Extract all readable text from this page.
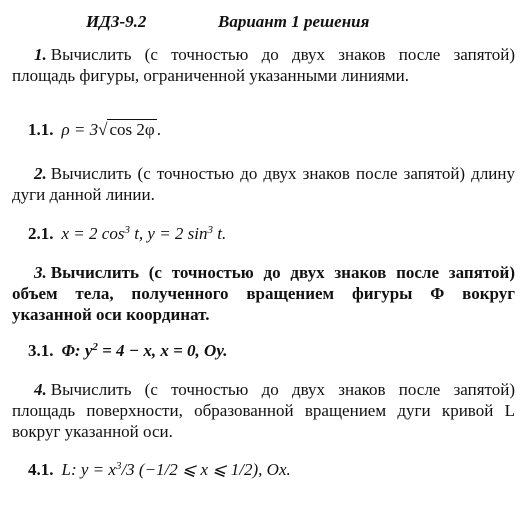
ИДЗ-9.2	Вариант 1 решения
1. Вычислить (с точностью до двух знаков после запятой) площадь фигуры, ограниченной указанными линиями.
1.1. ρ = 3√ cos 2φ .
2. Вычислить (с точностью до двух знаков после запятой) длину дуги данной линии.
2.1. x = 2 $\cos^3 t$, y = 2 $\sin^3 t$.
3. Вычислить (с точностью до двух знаков после запятой) объем тела, полученного вращением фигуры Φ вокруг указанной оси координат.
3.1. Φ: $y^2 = 4 - x$, x = 0, Oy.
4. Вычислить (с точностью до двух знаков после запятой) площадь поверхности, образованной вращением дуги кривой L вокруг указанной оси.
4.1. L: $y = x^3/3$ (−1/2 ⩽ x ⩽ 1/2), Ox.
